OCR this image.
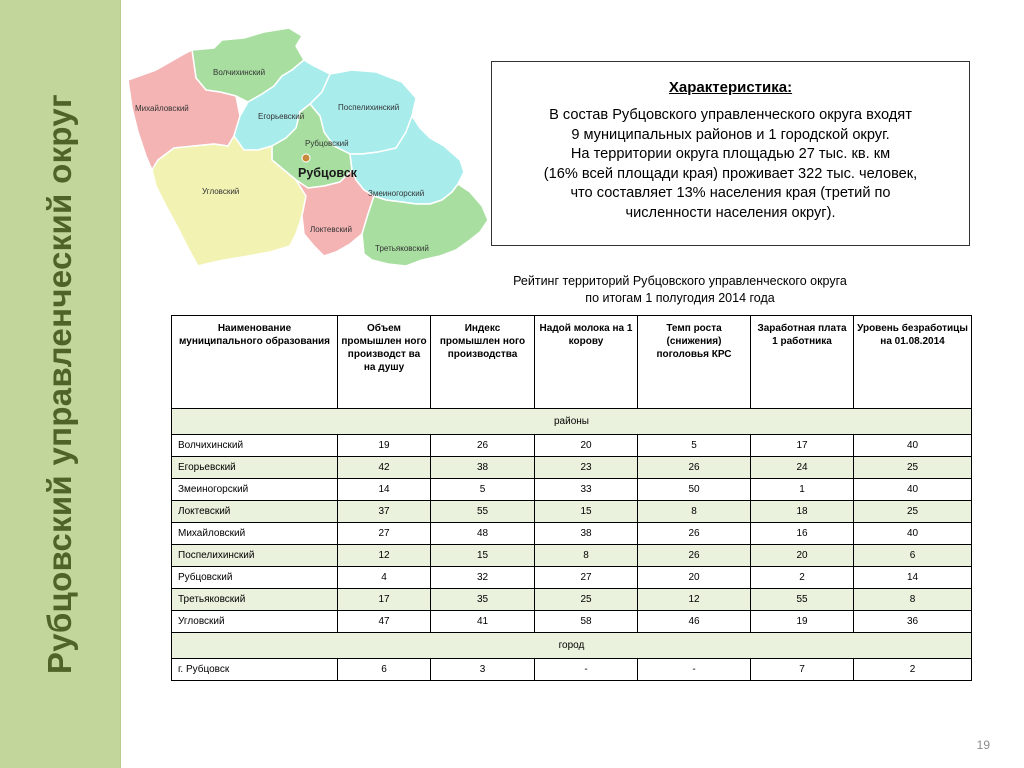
Рубцовский управленческий округ
Волчихинский
Михайловский
Егорьевский
Поспелихинский
Рубцовский
Рубцовск
Змеиногорский
Угловский
Локтевский
Третьяковский
Характеристика:
В состав Рубцовского управленческого округа входят
9 муниципальных районов и 1 городской округ.
На территории округа площадью 27 тыс. кв. км
(16% всей площади края) проживает 322 тыс. человек,
что составляет 13% населения края (третий по
численности населения округ).
Рейтинг территорий Рубцовского управленческого округа
по итогам 1 полугодия 2014 года
Наименование муниципального образования	Объем промышлен ного производст ва на душу	Индекс промышлен ного производства	Надой молока на 1 корову	Темп роста (снижения) поголовья КРС	Заработная плата 1 работника	Уровень безработицы на 01.08.2014
районы						
Волчихинский	19	26	20	5	17	40
Егорьевский	42	38	23	26	24	25
Змеиногорский	14	5	33	50	1	40
Локтевский	37	55	15	8	18	25
Михайловский	27	48	38	26	16	40
Поспелихинский	12	15	8	26	20	6
Рубцовский	4	32	27	20	2	14
Третьяковский	17	35	25	12	55	8
Угловский	47	41	58	46	19	36
город						
г. Рубцовск	6	3	-	-	7	2
19
